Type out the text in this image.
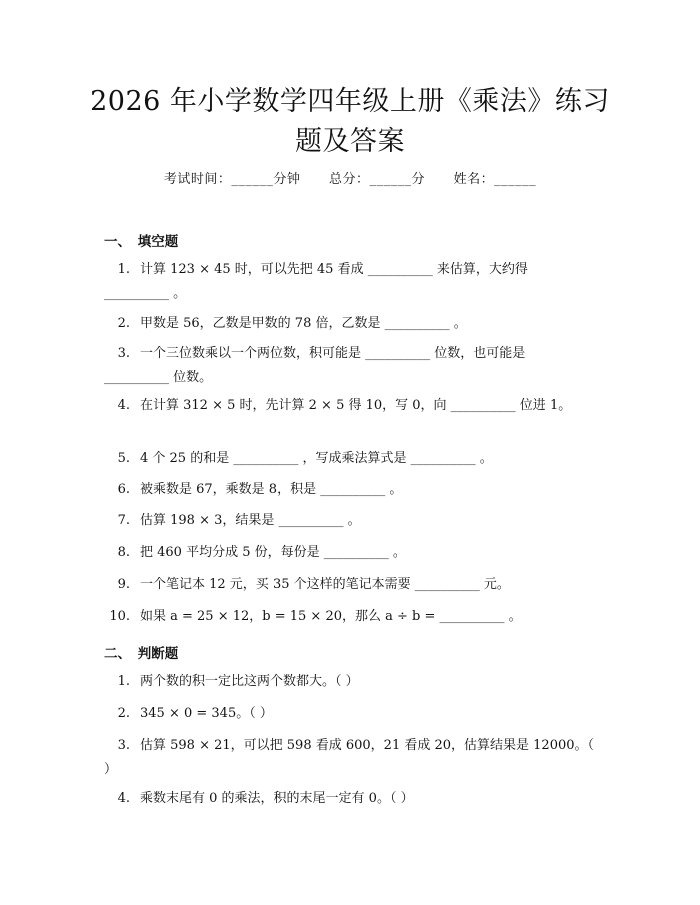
2026 年小学数学四年级上册《乘法》练习题及答案
考试时间：______分钟 总分：______分 姓名：______
一、　填空题
1. 计算 123 × 45 时，可以先把 45 看成 __________ 来估算，大约得 __________ 。
2. 甲数是 56，乙数是甲数的 78 倍，乙数是 __________ 。
3. 一个三位数乘以一个两位数，积可能是 __________ 位数，也可能是 __________ 位数。
4. 在计算 312 × 5 时，先计算 2 × 5 得 10，写 0，向 __________ 位进 1。
5. 4 个 25 的和是 __________ ，写成乘法算式是 __________ 。
6. 被乘数是 67，乘数是 8，积是 __________ 。
7. 估算 198 × 3，结果是 __________ 。
8. 把 460 平均分成 5 份，每份是 __________ 。
9. 一个笔记本 12 元，买 35 个这样的笔记本需要 __________ 元。
10. 如果 a = 25 × 12，b = 15 × 20，那么 a ÷ b = __________ 。
二、　判断题
1. 两个数的积一定比这两个数都大。（ ）
2. 345 × 0 = 345。（ ）
3. 估算 598 × 21，可以把 598 看成 600，21 看成 20，估算结果是 12000。（ ）
4. 乘数末尾有 0 的乘法，积的末尾一定有 0。（ ）
